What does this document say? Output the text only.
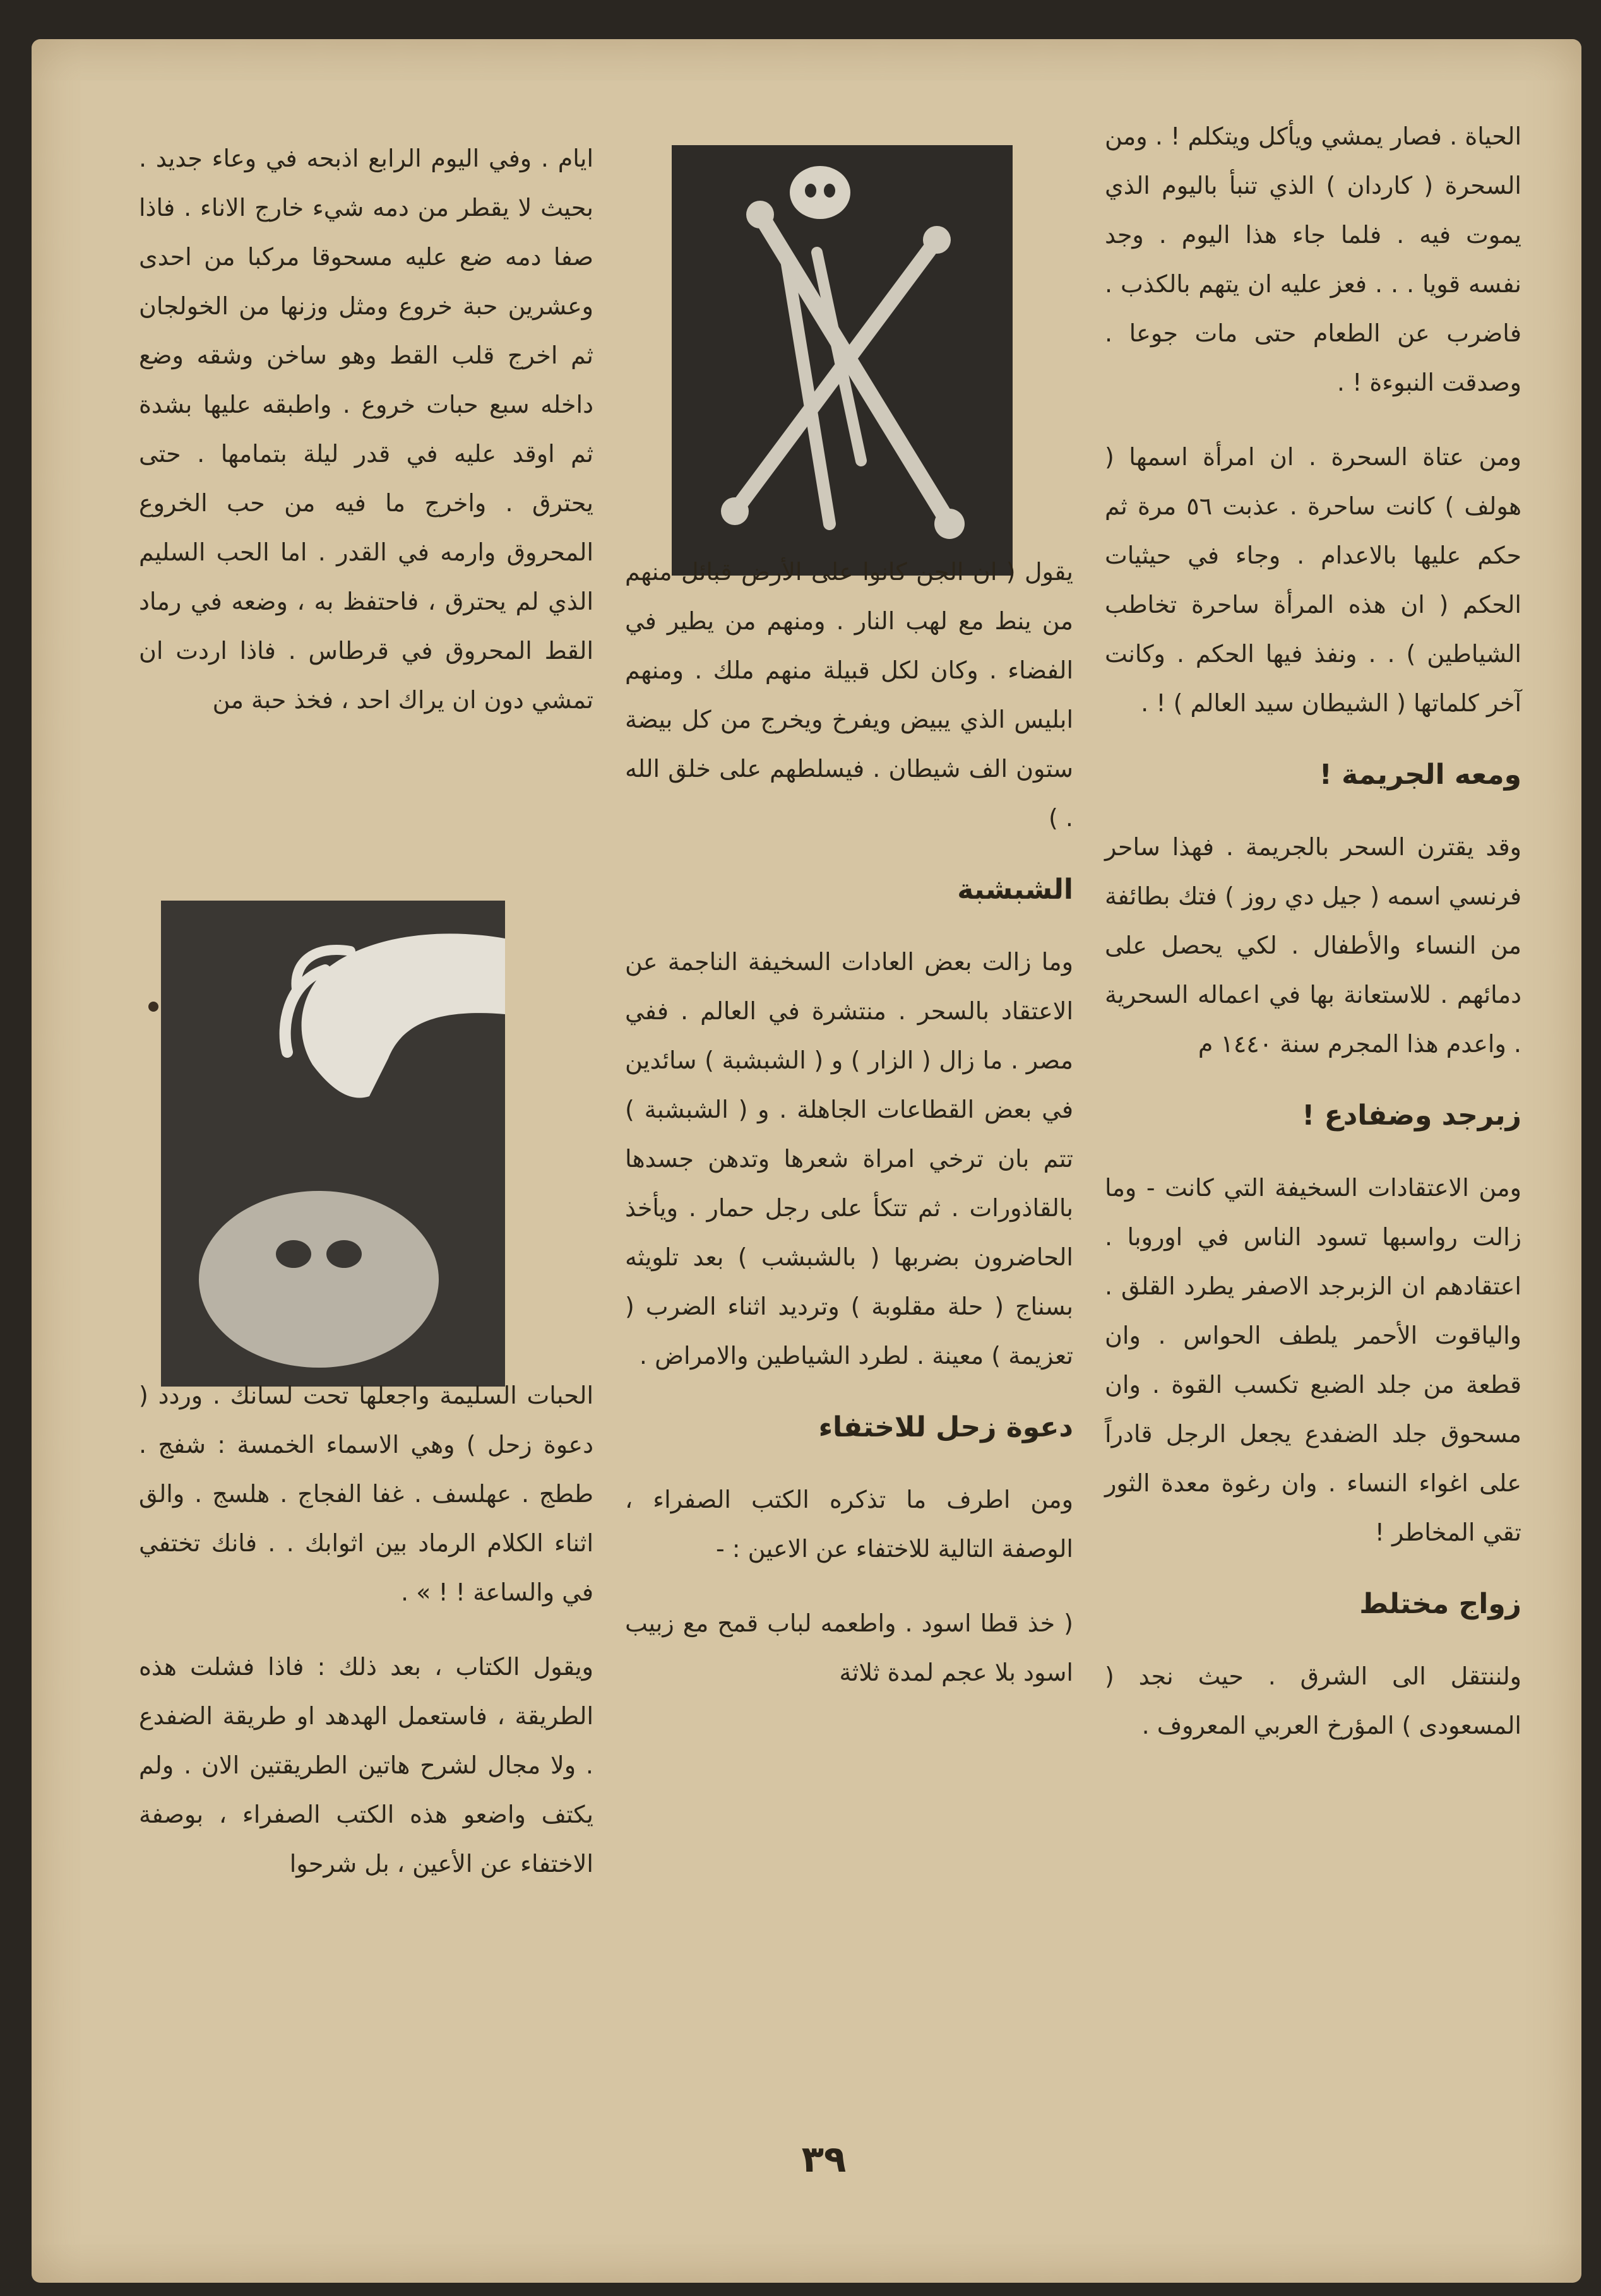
الحياة . فصار يمشي ويأكل ويتكلم ! . ومن السحرة ( كاردان ) الذي تنبأ باليوم الذي يموت فيه . فلما جاء هذا اليوم . وجد نفسه قويا . . . فعز عليه ان يتهم بالكذب . فاضرب عن الطعام حتى مات جوعا . وصدقت النبوءة ! .

ومن عتاة السحرة . ان امرأة اسمها ( هولف ) كانت ساحرة . عذبت ٥٦ مرة ثم حكم عليها بالاعدام . وجاء في حيثيات الحكم ( ان هذه المرأة ساحرة تخاطب الشياطين ) . . ونفذ فيها الحكم . وكانت آخر كلماتها ( الشيطان سيد العالم ) ! .

ومعه الجريمة !

وقد يقترن السحر بالجريمة . فهذا ساحر فرنسي اسمه ( جيل دي روز ) فتك بطائفة من النساء والأطفال . لكي يحصل على دمائهم . للاستعانة بها في اعماله السحرية . واعدم هذا المجرم سنة ١٤٤٠ م

زبرجد وضفادع !

ومن الاعتقادات السخيفة التي كانت - وما زالت رواسبها تسود الناس في اوروبا . اعتقادهم ان الزبرجد الاصفر يطرد القلق . والياقوت الأحمر يلطف الحواس . وان قطعة من جلد الضبع تكسب القوة . وان مسحوق جلد الضفدع يجعل الرجل قادراً على اغواء النساء . وان رغوة معدة الثور تقي المخاطر !

زواج مختلط

ولننتقل الى الشرق . حيث نجد ( المسعودى ) المؤرخ العربي المعروف .

يقول ( ان الجن كانوا على الأرض قبائل منهم من ينط مع لهب النار . ومنهم من يطير في الفضاء . وكان لكل قبيلة منهم ملك . ومنهم ابليس الذي يبيض ويفرخ ويخرج من كل بيضة ستون الف شيطان . فيسلطهم على خلق الله . )

الشبشبة

وما زالت بعض العادات السخيفة الناجمة عن الاعتقاد بالسحر . منتشرة في العالم . ففي مصر . ما زال ( الزار ) و ( الشبشبة ) سائدين في بعض القطاعات الجاهلة . و ( الشبشبة ) تتم بان ترخي امراة شعرها وتدهن جسدها بالقاذورات . ثم تتكأ على رجل حمار . ويأخذ الحاضرون بضربها ( بالشبشب ) بعد تلويثه بسناج ( حلة مقلوبة ) وترديد اثناء الضرب ( تعزيمة ) معينة . لطرد الشياطين والامراض .

دعوة زحل للاختفاء

ومن اطرف ما تذكره الكتب الصفراء ، الوصفة التالية للاختفاء عن الاعين : -

( خذ قطا اسود . واطعمه لباب قمح مع زبيب اسود بلا عجم لمدة ثلاثة

ايام . وفي اليوم الرابع اذبحه في وعاء جديد . بحيث لا يقطر من دمه شيء خارج الاناء . فاذا صفا دمه ضع عليه مسحوقا مركبا من احدى وعشرين حبة خروع ومثل وزنها من الخولجان ثم اخرج قلب القط وهو ساخن وشقه وضع داخله سبع حبات خروع . واطبقه عليها بشدة ثم اوقد عليه في قدر ليلة بتمامها . حتى يحترق . واخرج ما فيه من حب الخروع المحروق وارمه في القدر . اما الحب السليم الذي لم يحترق ، فاحتفظ به ، وضعه في رماد القط المحروق في قرطاس . فاذا اردت ان تمشي دون ان يراك احد ، فخذ حبة من

الحبات السليمة واجعلها تحت لسانك . وردد ( دعوة زحل ) وهي الاسماء الخمسة : شفج . ططج . عهلسف . غفا الفجاج . هلسج . والق اثناء الكلام الرماد بين اثوابك . . فانك تختفي في والساعة ! ! » .

ويقول الكتاب ، بعد ذلك : فاذا فشلت هذه الطريقة ، فاستعمل الهدهد او طريقة الضفدع . ولا مجال لشرح هاتين الطريقتين الان . ولم يكتف واضعو هذه الكتب الصفراء ، بوصفة الاختفاء عن الأعين ، بل شرحوا

٣٩
